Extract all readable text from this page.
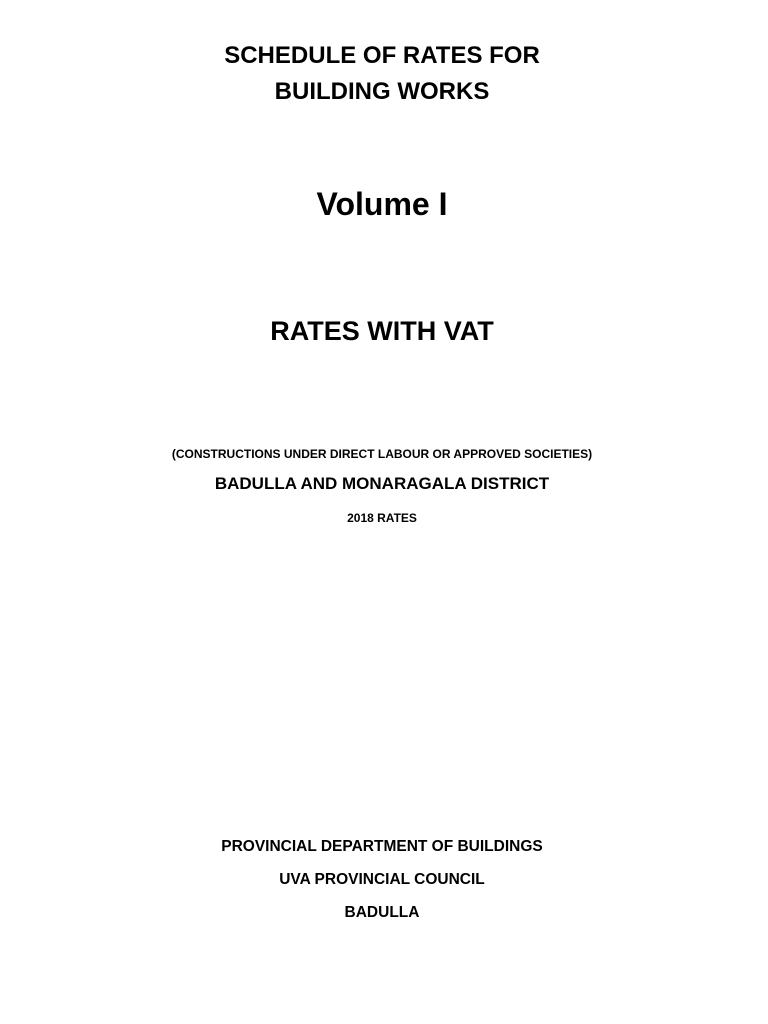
SCHEDULE OF RATES FOR
BUILDING WORKS
Volume I
RATES WITH VAT
(CONSTRUCTIONS UNDER DIRECT LABOUR OR APPROVED SOCIETIES)
BADULLA AND MONARAGALA DISTRICT
2018 RATES
PROVINCIAL DEPARTMENT OF BUILDINGS
UVA PROVINCIAL COUNCIL
BADULLA
